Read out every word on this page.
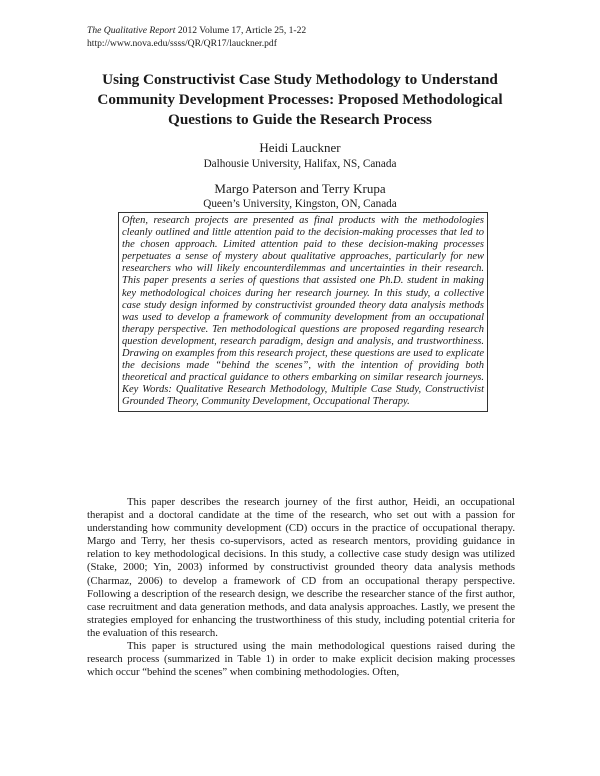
The Qualitative Report 2012 Volume 17, Article 25, 1-22
http://www.nova.edu/ssss/QR/QR17/lauckner.pdf
Using Constructivist Case Study Methodology to Understand Community Development Processes: Proposed Methodological Questions to Guide the Research Process
Heidi Lauckner
Dalhousie University, Halifax, NS, Canada
Margo Paterson and Terry Krupa
Queen’s University, Kingston, ON, Canada

Often, research projects are presented as final products with the methodologies cleanly outlined and little attention paid to the decision-making processes that led to the chosen approach. Limited attention paid to these decision-making processes perpetuates a sense of mystery about qualitative approaches, particularly for new researchers who will likely encounterdilemmas and uncertainties in their research. This paper presents a series of questions that assisted one Ph.D. student in making key methodological choices during her research journey. In this study, a collective case study design informed by constructivist grounded theory data analysis methods was used to develop a framework of community development from an occupational therapy perspective. Ten methodological questions are proposed regarding research question development, research paradigm, design and analysis, and trustworthiness. Drawing on examples from this research project, these questions are used to explicate the decisions made “behind the scenes”, with the intention of providing both theoretical and practical guidance to others embarking on similar research journeys. Key Words: Qualitative Research Methodology, Multiple Case Study, Constructivist Grounded Theory, Community Development, Occupational Therapy.

This paper describes the research journey of the first author, Heidi, an occupational therapist and a doctoral candidate at the time of the research, who set out with a passion for understanding how community development (CD) occurs in the practice of occupational therapy. Margo and Terry, her thesis co-supervisors, acted as research mentors, providing guidance in relation to key methodological decisions. In this study, a collective case study design was utilized (Stake, 2000; Yin, 2003) informed by constructivist grounded theory data analysis methods (Charmaz, 2006) to develop a framework of CD from an occupational therapy perspective. Following a description of the research design, we describe the researcher stance of the first author, case recruitment and data generation methods, and data analysis approaches. Lastly, we present the strategies employed for enhancing the trustworthiness of this study, including potential criteria for the evaluation of this research.

This paper is structured using the main methodological questions raised during the research process (summarized in Table 1) in order to make explicit decision making processes which occur “behind the scenes” when combining methodologies. Often,
